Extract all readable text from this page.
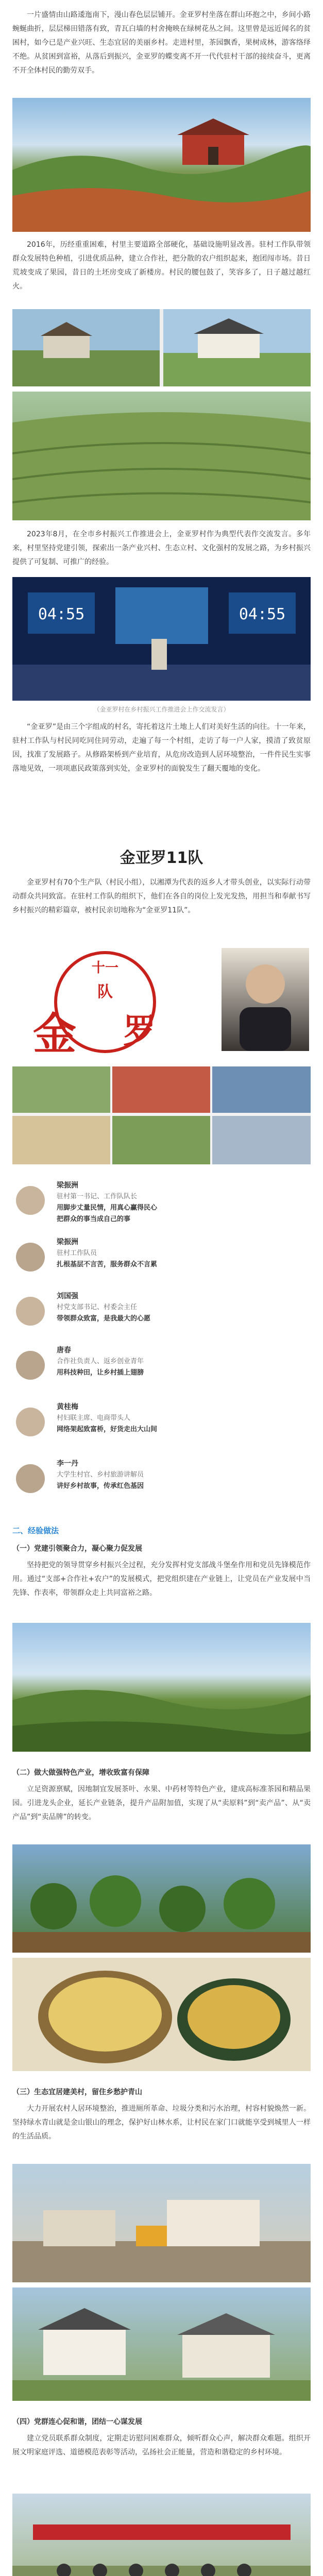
一片盛情由山路逶迤南下，漫山春色层层铺开。金亚罗村坐落在群山环抱之中，乡间小路蜿蜒曲折，层层梯田错落有致，青瓦白墙的村舍掩映在绿树花丛之间。这里曾是远近闻名的贫困村，如今已是产业兴旺、生态宜居的美丽乡村。走进村里，茶园飘香，果树成林，游客络绎不绝。从贫困到富裕，从落后到振兴，金亚罗的蝶变离不开一代代驻村干部的接续奋斗，更离不开全体村民的勤劳双手。

2016年，历经重重困难，村里主要道路全部硬化，基础设施明显改善。驻村工作队带领群众发展特色种植，引进优质品种，建立合作社，把分散的农户组织起来，抱团闯市场。昔日荒坡变成了果园，昔日的土坯房变成了新楼房。村民的腰包鼓了，笑容多了，日子越过越红火。

2023年8月，在全市乡村振兴工作推进会上，金亚罗村作为典型代表作交流发言。多年来，村里坚持党建引领，探索出一条产业兴村、生态立村、文化强村的发展之路，为乡村振兴提供了可复制、可推广的经验。

04:55	04:55
（金亚罗村在乡村振兴工作推进会上作交流发言）

“金亚罗”是由三个字组成的村名，寄托着这片土地上人们对美好生活的向往。十一年来，驻村工作队与村民同吃同住同劳动，走遍了每一个村组，走访了每一户人家，摸清了致贫原因，找准了发展路子。从修路架桥到产业培育，从危房改造到人居环境整治，一件件民生实事落地见效，一项项惠民政策落到实处，金亚罗村的面貌发生了翻天覆地的变化。

金亚罗11队

金亚罗村有70个生产队（村民小组），以湘潭为代表的返乡人才带头创业，以实际行动带动群众共同致富。在驻村工作队的组织下，他们在各自的岗位上发光发热，用担当和奉献书写乡村振兴的精彩篇章，被村民亲切地称为“金亚罗11队”。

十一
队
金 罗
梁振洲
驻村第一书记、工作队队长
用脚步丈量民情，用真心赢得民心
把群众的事当成自己的事
梁振洲
驻村工作队员
扎根基层不言苦，服务群众不言累
刘国强
村党支部书记、村委会主任
带领群众致富，是我最大的心愿
唐春
合作社负责人、返乡创业青年
用科技种田，让乡村插上翅膀
黄桂梅
村妇联主席、电商带头人
网络架起致富桥，好货走出大山间
李一丹
大学生村官、乡村旅游讲解员
讲好乡村故事，传承红色基因
二、经验做法
（一）党建引领聚合力，凝心聚力促发展

坚持把党的领导贯穿乡村振兴全过程，充分发挥村党支部战斗堡垒作用和党员先锋模范作用。通过“支部+合作社+农户”的发展模式，把党组织建在产业链上，让党员在产业发展中当先锋、作表率，带领群众走上共同富裕之路。

（二）做大做强特色产业，增收致富有保障

立足资源禀赋，因地制宜发展茶叶、水果、中药材等特色产业，建成高标准茶园和精品果园。引进龙头企业，延长产业链条，提升产品附加值，实现了从“卖原料”到“卖产品”、从“卖产品”到“卖品牌”的转变。

（三）生态宜居建美村，留住乡愁护青山

大力开展农村人居环境整治，推进厕所革命、垃圾分类和污水治理，村容村貌焕然一新。坚持绿水青山就是金山银山的理念，保护好山林水系，让村民在家门口就能享受到城里人一样的生活品质。

（四）党群连心促和谐，团结一心谋发展

建立党员联系群众制度，定期走访慰问困难群众，倾听群众心声，解决群众难题。组织开展文明家庭评选、道德模范表彰等活动，弘扬社会正能量，营造和谐稳定的乡村环境。
